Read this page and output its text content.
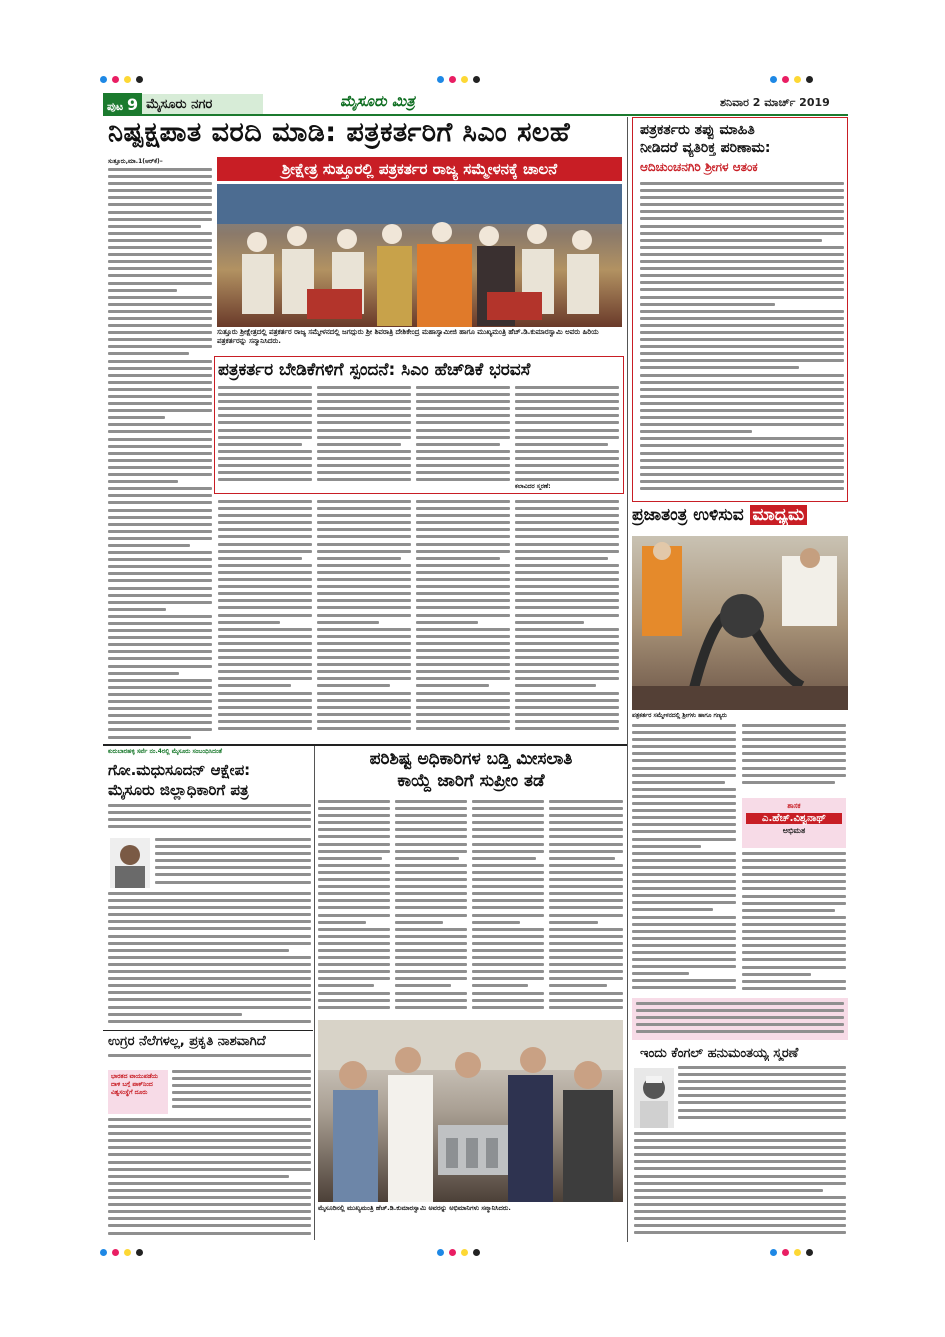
ಪುಟ 9 ಮೈಸೂರು ನಗರ	ಮೈಸೂರು ಮಿತ್ರ	ಶನಿವಾರ 2 ಮಾರ್ಚ್ 2019
ನಿಷ್ಪಕ್ಷಪಾತ ವರದಿ ಮಾಡಿ: ಪತ್ರಕರ್ತರಿಗೆ ಸಿಎಂ ಸಲಹೆ
ಶ್ರೀಕ್ಷೇತ್ರ ಸುತ್ತೂರಲ್ಲಿ ಪತ್ರಕರ್ತರ ರಾಜ್ಯ ಸಮ್ಮೇಳನಕ್ಕೆ ಚಾಲನೆ
ಸುತ್ತೂರು,ಮಾ.1(ಆರ್‌ಕೆ)–
ಸುತ್ತೂರು ಶ್ರೀಕ್ಷೇತ್ರದಲ್ಲಿ ಪತ್ರಕರ್ತರ ರಾಜ್ಯ ಸಮ್ಮೇಳನದಲ್ಲಿ ಜಗದ್ಗುರು ಶ್ರೀ ಶಿವರಾತ್ರಿ ದೇಶಿಕೇಂದ್ರ ಮಹಾಸ್ವಾಮೀಜಿ ಹಾಗೂ ಮುಖ್ಯಮಂತ್ರಿ ಹೆಚ್.ಡಿ.ಕುಮಾರಸ್ವಾಮಿ ಅವರು ಹಿರಿಯ ಪತ್ರಕರ್ತರನ್ನು ಸನ್ಮಾನಿಸಿದರು.
ಪತ್ರಕರ್ತರ ಬೇಡಿಕೆಗಳಿಗೆ ಸ್ಪಂದನೆ: ಸಿಎಂ ಹೆಚ್‌ಡಿಕೆ ಭರವಸೆ
ಕಲಾವಿದರ ಸ್ಮರಣೆ:
ಪತ್ರಕರ್ತರು ತಪ್ಪು ಮಾಹಿತಿ
ನೀಡಿದರೆ ವ್ಯತಿರಿಕ್ತ ಪರಿಣಾಮ:
ಆದಿಚುಂಚನಗಿರಿ ಶ್ರೀಗಳ ಆತಂಕ
ಪ್ರಜಾತಂತ್ರ ಉಳಿಸುವ ಮಾಧ್ಯಮ
ಪತ್ರಕರ್ತರ ಸಮ್ಮೇಳನದಲ್ಲಿ ಶ್ರೀಗಳು ಹಾಗೂ ಗಣ್ಯರು
ಶಾಸಕ
ಎ.ಹೆಚ್.ವಿಶ್ವನಾಥ್
ಅಭಿಮತ
ಇಂದು ಕೆಂಗಲ್ ಹನುಮಂತಯ್ಯ ಸ್ಮರಣೆ
ಕುರುಬಾರಹಳ್ಳಿ ಸರ್ವೆ ನಂ.4ರಲ್ಲಿ ಮೈಸೂರು ಸಂಬಂಧಿಸಿದಂತೆ
ಗೋ.ಮಧುಸೂದನ್ ಆಕ್ಷೇಪ:
ಮೈಸೂರು ಜಿಲ್ಲಾಧಿಕಾರಿಗೆ ಪತ್ರ
ಉಗ್ರರ ನೆಲೆಗಳಲ್ಲ, ಪ್ರಕೃತಿ ನಾಶವಾಗಿದೆ
ಭಾರತದ ವಾಯುಪಡೆಯ ದಾಳಿ ಬಗ್ಗೆ ಪಾಕ್‌ನಿಂದ ವಿಶ್ವಸಂಸ್ಥೆಗೆ ದೂರು
ಪರಿಶಿಷ್ಟ ಅಧಿಕಾರಿಗಳ ಬಡ್ತಿ ಮೀಸಲಾತಿ
ಕಾಯ್ದೆ ಜಾರಿಗೆ ಸುಪ್ರೀಂ ತಡೆ
ಮೈಸೂರಿನಲ್ಲಿ ಮುಖ್ಯಮಂತ್ರಿ ಹೆಚ್.ಡಿ.ಕುಮಾರಸ್ವಾಮಿ ಅವರನ್ನು ಅಭಿಮಾನಿಗಳು ಸನ್ಮಾನಿಸಿದರು.
